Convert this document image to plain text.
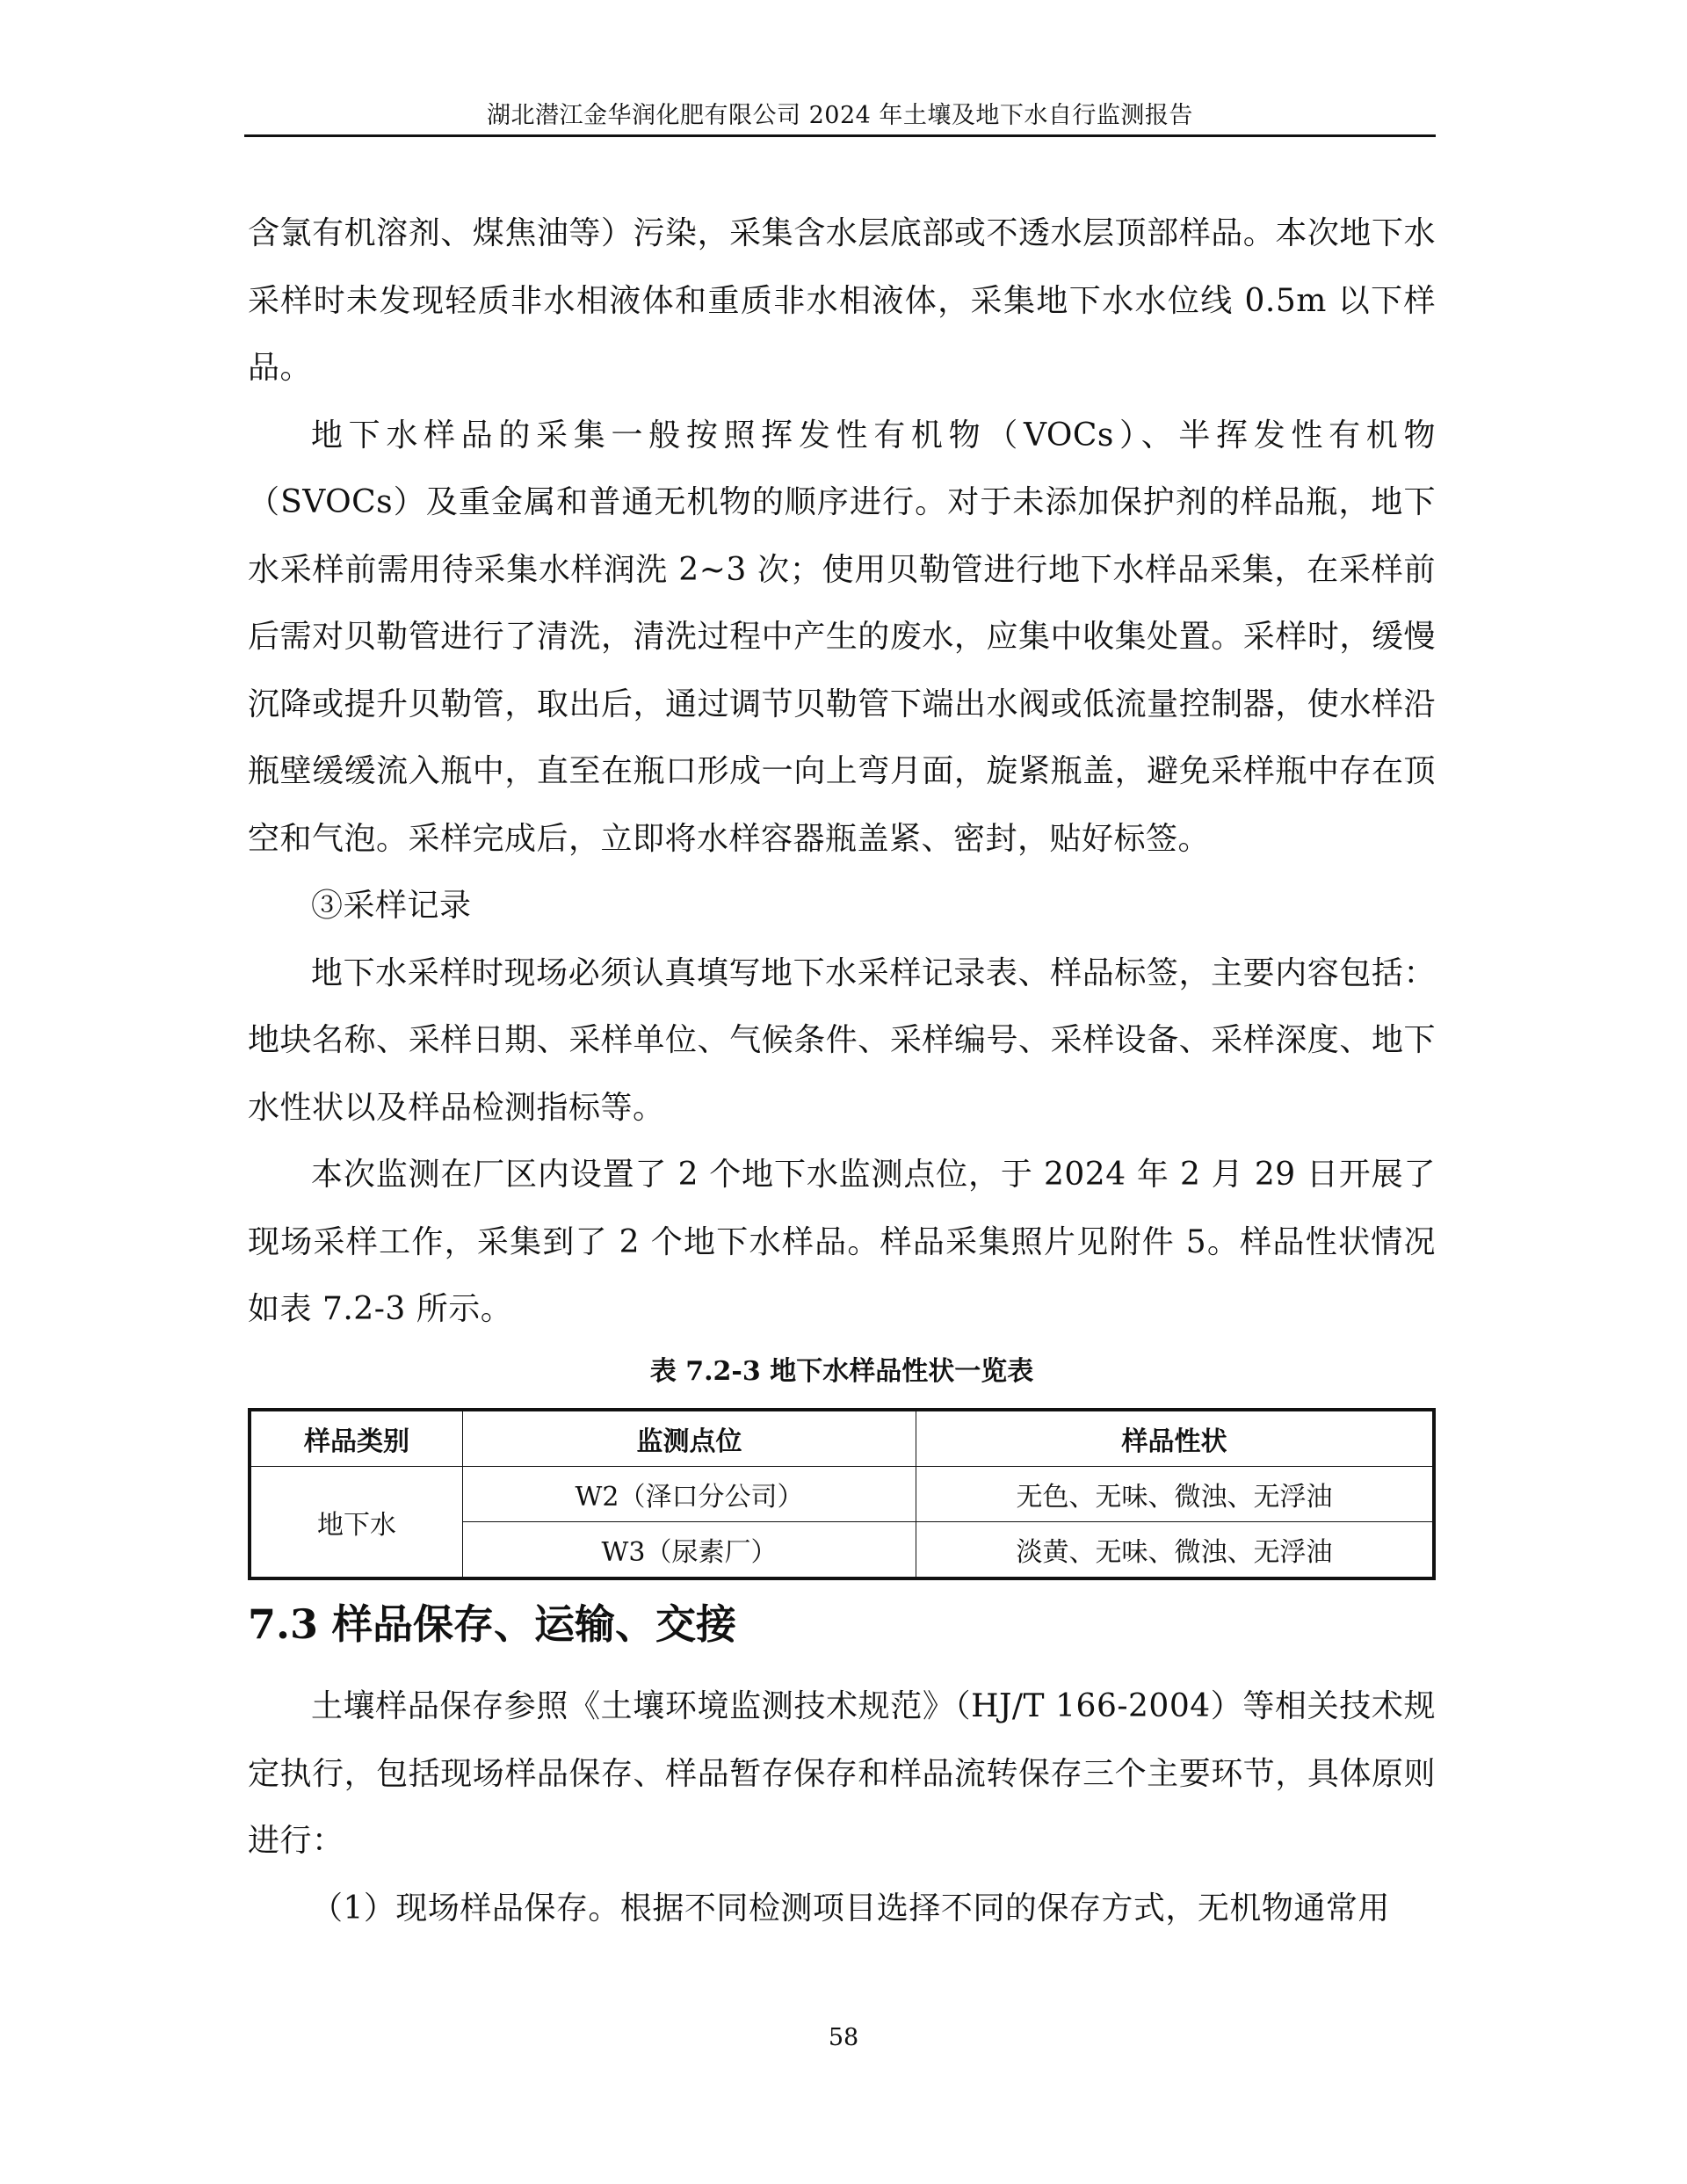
湖北潜江金华润化肥有限公司 2024 年土壤及地下水自行监测报告

含氯有机溶剂、煤焦油等）污染，采集含水层底部或不透水层顶部样品。本次地下水采样时未发现轻质非水相液体和重质非水相液体，采集地下水水位线 0.5m 以下样品。

地下水样品的采集一般按照挥发性有机物（VOCs）、半挥发性有机物（SVOCs）及重金属和普通无机物的顺序进行。对于未添加保护剂的样品瓶，地下水采样前需用待采集水样润洗 2~3 次；使用贝勒管进行地下水样品采集，在采样前后需对贝勒管进行了清洗，清洗过程中产生的废水，应集中收集处置。采样时，缓慢沉降或提升贝勒管，取出后，通过调节贝勒管下端出水阀或低流量控制器，使水样沿瓶壁缓缓流入瓶中，直至在瓶口形成一向上弯月面，旋紧瓶盖，避免采样瓶中存在顶空和气泡。采样完成后，立即将水样容器瓶盖紧、密封，贴好标签。

③采样记录

地下水采样时现场必须认真填写地下水采样记录表、样品标签，主要内容包括：地块名称、采样日期、采样单位、气候条件、采样编号、采样设备、采样深度、地下水性状以及样品检测指标等。

本次监测在厂区内设置了 2 个地下水监测点位，于 2024 年 2 月 29 日开展了现场采样工作，采集到了 2 个地下水样品。样品采集照片见附件 5。样品性状情况如表 7.2-3 所示。

表 7.2-3 地下水样品性状一览表
样品类别	监测点位	样品性状
地下水	W2（泽口分公司）	无色、无味、微浊、无浮油
	W3（尿素厂）	淡黄、无味、微浊、无浮油
7.3 样品保存、运输、交接

土壤样品保存参照《土壤环境监测技术规范》（HJ/T 166-2004）等相关技术规定执行，包括现场样品保存、样品暂存保存和样品流转保存三个主要环节，具体原则进行：

（1）现场样品保存。根据不同检测项目选择不同的保存方式，无机物通常用

58
